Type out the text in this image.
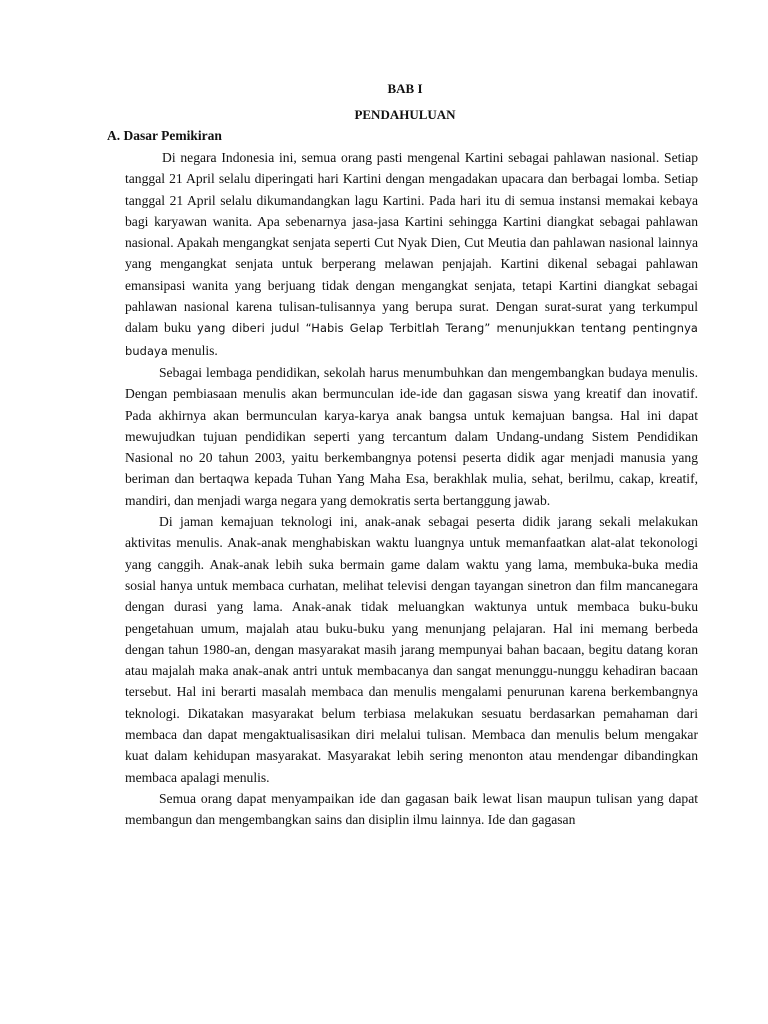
BAB I
PENDAHULUAN
A. Dasar Pemikiran

Di negara Indonesia ini, semua orang pasti mengenal Kartini sebagai pahlawan nasional. Setiap tanggal 21 April selalu diperingati hari Kartini dengan mengadakan upacara dan berbagai lomba. Setiap tanggal 21 April selalu dikumandangkan lagu Kartini. Pada hari itu di semua instansi memakai kebaya bagi karyawan wanita. Apa sebenarnya jasa-jasa Kartini sehingga Kartini diangkat sebagai pahlawan nasional. Apakah mengangkat senjata seperti Cut Nyak Dien, Cut Meutia dan pahlawan nasional lainnya yang mengangkat senjata untuk berperang melawan penjajah. Kartini dikenal sebagai pahlawan emansipasi wanita yang berjuang tidak dengan mengangkat senjata, tetapi Kartini diangkat sebagai pahlawan nasional karena tulisan-tulisannya yang berupa surat. Dengan surat-surat yang terkumpul dalam buku yang diberi judul “Habis Gelap Terbitlah Terang” menunjukkan tentang pentingnya budaya menulis.

Sebagai lembaga pendidikan, sekolah harus menumbuhkan dan mengembangkan budaya menulis. Dengan pembiasaan menulis akan bermunculan ide-ide dan gagasan siswa yang kreatif dan inovatif. Pada akhirnya akan bermunculan karya-karya anak bangsa untuk kemajuan bangsa. Hal ini dapat mewujudkan tujuan pendidikan seperti yang tercantum dalam Undang-undang Sistem Pendidikan Nasional no 20 tahun 2003, yaitu berkembangnya potensi peserta didik agar menjadi manusia yang beriman dan bertaqwa kepada Tuhan Yang Maha Esa, berakhlak mulia, sehat, berilmu, cakap, kreatif, mandiri, dan menjadi warga negara yang demokratis serta bertanggung jawab.

Di jaman kemajuan teknologi ini, anak-anak sebagai peserta didik jarang sekali melakukan aktivitas menulis. Anak-anak menghabiskan waktu luangnya untuk memanfaatkan alat-alat tekonologi yang canggih. Anak-anak lebih suka bermain game dalam waktu yang lama, membuka-buka media sosial hanya untuk membaca curhatan, melihat televisi dengan tayangan sinetron dan film mancanegara dengan durasi yang lama. Anak-anak tidak meluangkan waktunya untuk membaca buku-buku pengetahuan umum, majalah atau buku-buku yang menunjang pelajaran. Hal ini memang berbeda dengan tahun 1980-an, dengan masyarakat masih jarang mempunyai bahan bacaan, begitu datang koran atau majalah maka anak-anak antri untuk membacanya dan sangat menunggu-nunggu kehadiran bacaan tersebut. Hal ini berarti masalah membaca dan menulis mengalami penurunan karena berkembangnya teknologi. Dikatakan masyarakat belum terbiasa melakukan sesuatu berdasarkan pemahaman dari membaca dan dapat mengaktualisasikan diri melalui tulisan. Membaca dan menulis belum mengakar kuat dalam kehidupan masyarakat. Masyarakat lebih sering menonton atau mendengar dibandingkan membaca apalagi menulis.

Semua orang dapat menyampaikan ide dan gagasan baik lewat lisan maupun tulisan yang dapat membangun dan mengembangkan sains dan disiplin ilmu lainnya. Ide dan gagasan
